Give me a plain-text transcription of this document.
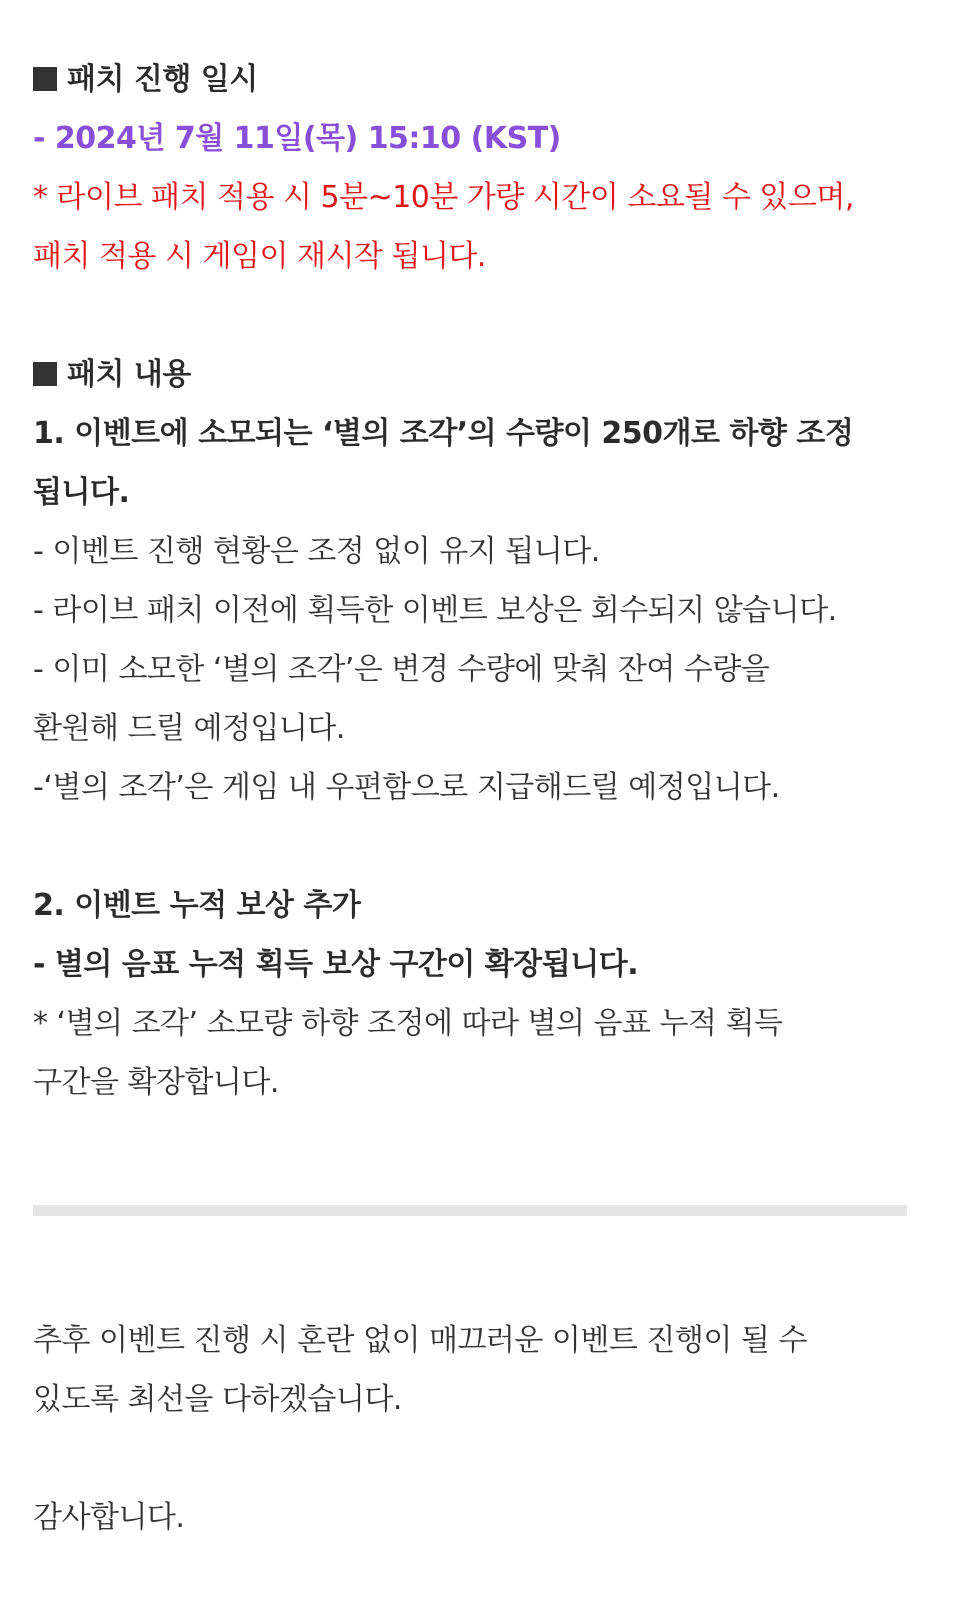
패치 진행 일시
- 2024년 7월 11일(목) 15:10 (KST)
* 라이브 패치 적용 시 5분~10분 가량 시간이 소요될 수 있으며,
패치 적용 시 게임이 재시작 됩니다.
패치 내용
1. 이벤트에 소모되는 ‘별의 조각’의 수량이 250개로 하향 조정
됩니다.
- 이벤트 진행 현황은 조정 없이 유지 됩니다.
- 라이브 패치 이전에 획득한 이벤트 보상은 회수되지 않습니다.
- 이미 소모한 ‘별의 조각’은 변경 수량에 맞춰 잔여 수량을
환원해 드릴 예정입니다.
-‘별의 조각’은 게임 내 우편함으로 지급해드릴 예정입니다.
2. 이벤트 누적 보상 추가
- 별의 음표 누적 획득 보상 구간이 확장됩니다.
* ‘별의 조각’ 소모량 하향 조정에 따라 별의 음표 누적 획득
구간을 확장합니다.
추후 이벤트 진행 시 혼란 없이 매끄러운 이벤트 진행이 될 수
있도록 최선을 다하겠습니다.
감사합니다.
